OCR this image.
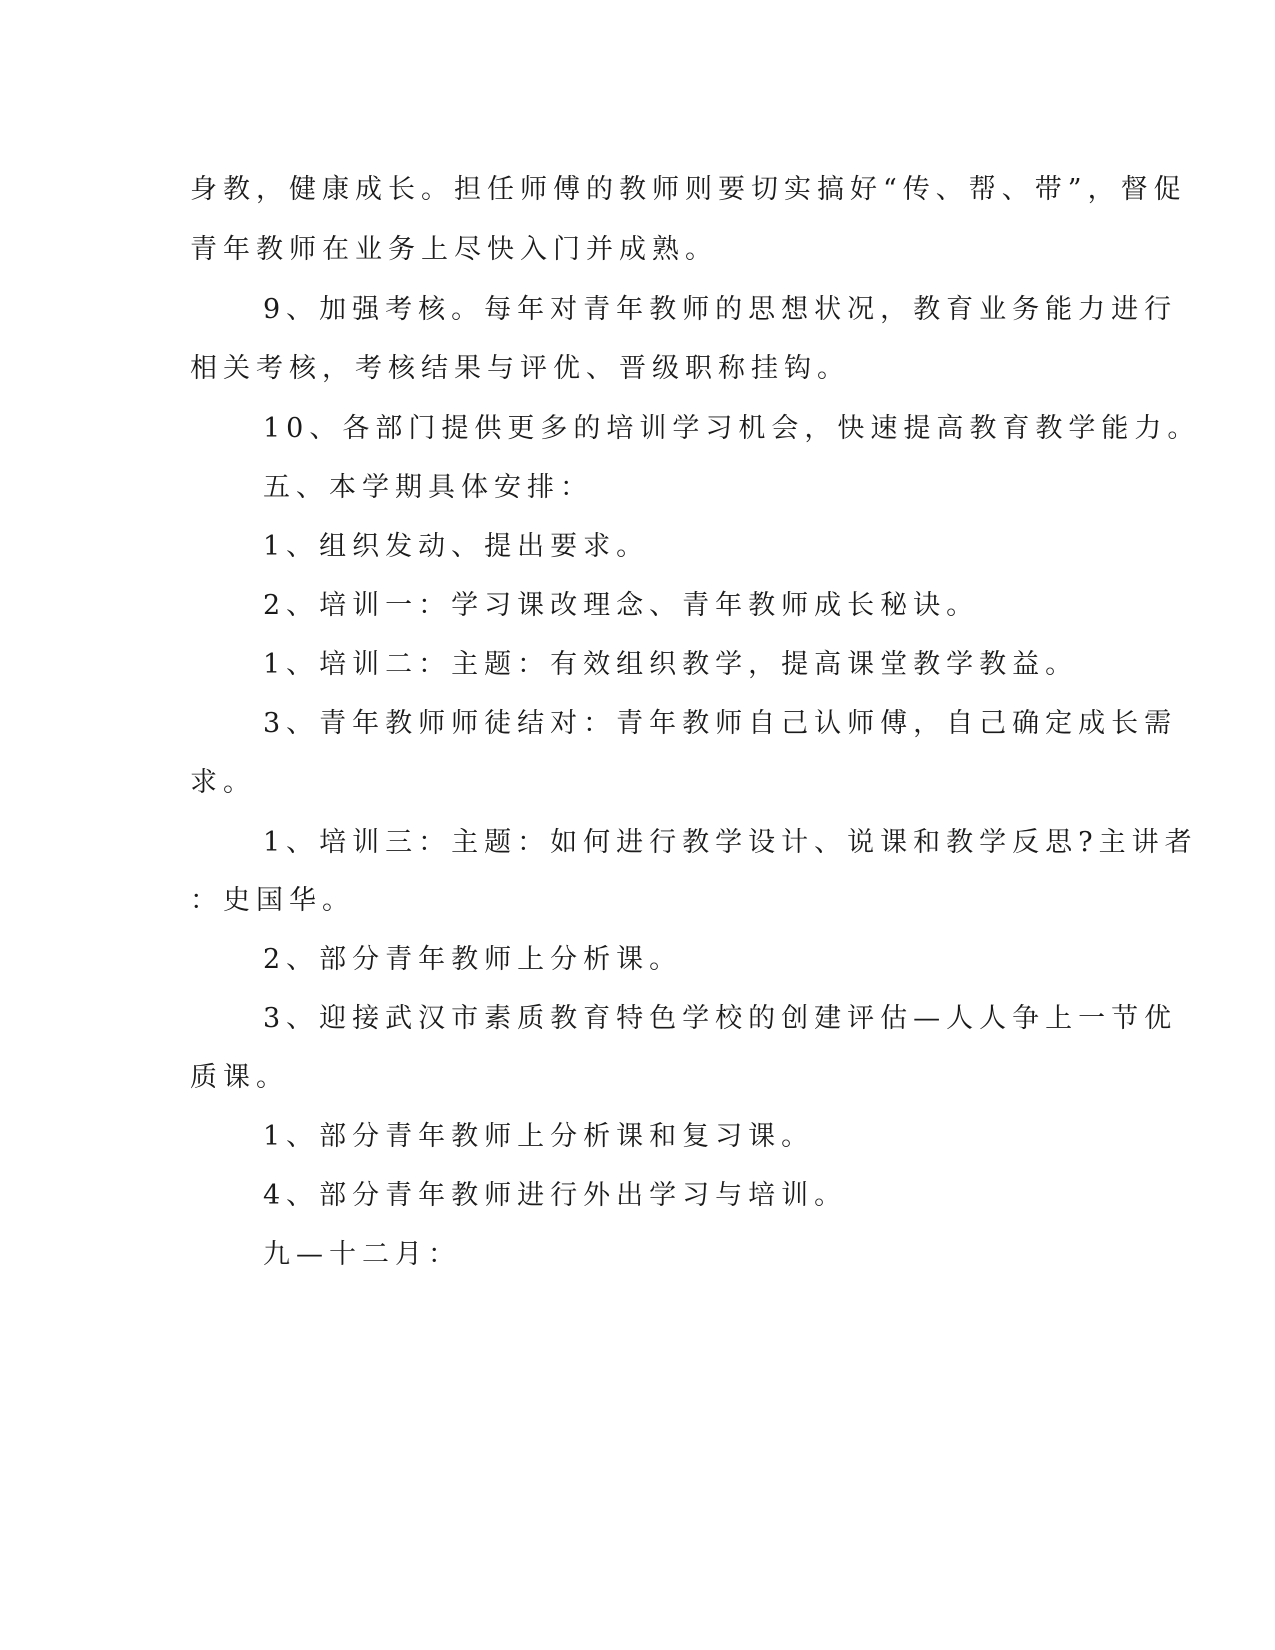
身教，健康成长。担任师傅的教师则要切实搞好“传、帮、带”，督促
青年教师在业务上尽快入门并成熟。
9、加强考核。每年对青年教师的思想状况，教育业务能力进行
相关考核，考核结果与评优、晋级职称挂钩。
10、各部门提供更多的培训学习机会，快速提高教育教学能力。
五、本学期具体安排：
1、组织发动、提出要求。
2、培训一：学习课改理念、青年教师成长秘诀。
1、培训二：主题：有效组织教学，提高课堂教学教益。
3、青年教师师徒结对：青年教师自己认师傅，自己确定成长需
求。
1、培训三：主题：如何进行教学设计、说课和教学反思?主讲者
：史国华。
2、部分青年教师上分析课。
3、迎接武汉市素质教育特色学校的创建评估—人人争上一节优
质课。
1、部分青年教师上分析课和复习课。
4、部分青年教师进行外出学习与培训。
九—十二月：
